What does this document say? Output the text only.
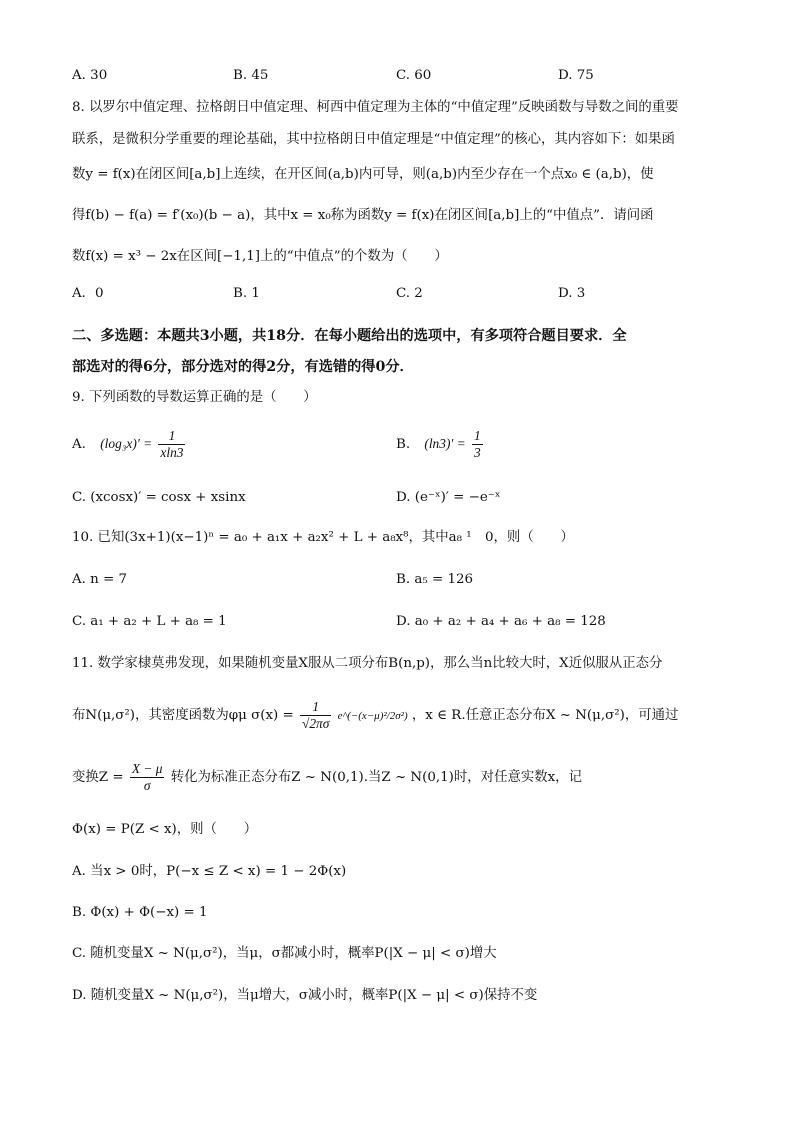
A. 30	B. 45	C. 60	D. 75
8. 以罗尔中值定理、拉格朗日中值定理、柯西中值定理为主体的“中值定理”反映函数与导数之间的重要
联系，是微积分学重要的理论基础，其中拉格朗日中值定理是“中值定理”的核心，其内容如下：如果函
数y = f(x)在闭区间[a,b]上连续，在开区间(a,b)内可导，则(a,b)内至少存在一个点x₀ ∈ (a,b)，使
得f(b) − f(a) = f′(x₀)(b − a)，其中x = x₀称为函数y = f(x)在闭区间[a,b]上的“中值点”．请问函
数f(x) = x³ − 2x在区间[−1,1]上的“中值点”的个数为（　　）
A．0	B. 1	C. 2	D. 3
二、多选题：本题共3小题，共18分．在每小题给出的选项中，有多项符合题目要求．全
部选对的得6分，部分选对的得2分，有选错的得0分．
9. 下列函数的导数运算正确的是（　　）
A. $(\log_3x)' = \frac{1}{xln3}$	B. $(\ln 3)' = \frac{1}{3}$
C. (xcosx)′ = cosx + xsinx	D. (e⁻ˣ)′ = −e⁻ˣ
10. 已知(3x+1)(x−1)ⁿ = a₀ + a₁x + a₂x² + L + a₈x⁸，其中a₈ ¹　0，则（　　）
A. n = 7	B. a₅ = 126
C. a₁ + a₂ + L + a₈ = 1	D. a₀ + a₂ + a₄ + a₆ + a₈ = 128
11. 数学家棣莫弗发现，如果随机变量X服从二项分布B(n,p)，那么当n比较大时，X近似服从正态分
布N(μ,σ²)，其密度函数为φμ $\sigma(x) = \frac{1}{√2\pi\sigma} ^{e\^{}(-(x-\mu)^2/2\sigma^2)}$ ，x ∈ R.任意正态分布X ~ N(μ,σ²)，可通过
变换$Z = \frac{X - \mu}{\sigma}$ 转化为标准正态分布Z ~ N(0,1).当Z ~ N(0,1)时，对任意实数x，记
Φ(x) = P(Z < x)，则（　　）
A. 当x > 0时，P(−x ≤ Z < x) = 1 − 2Φ(x)
B. Φ(x) + Φ(−x) = 1
C. 随机变量X ~ N(μ,σ²)，当μ，σ都减小时，概率P(|X − μ| < σ)增大
D. 随机变量X ~ N(μ,σ²)，当μ增大，σ减小时，概率P(|X − μ| < σ)保持不变
